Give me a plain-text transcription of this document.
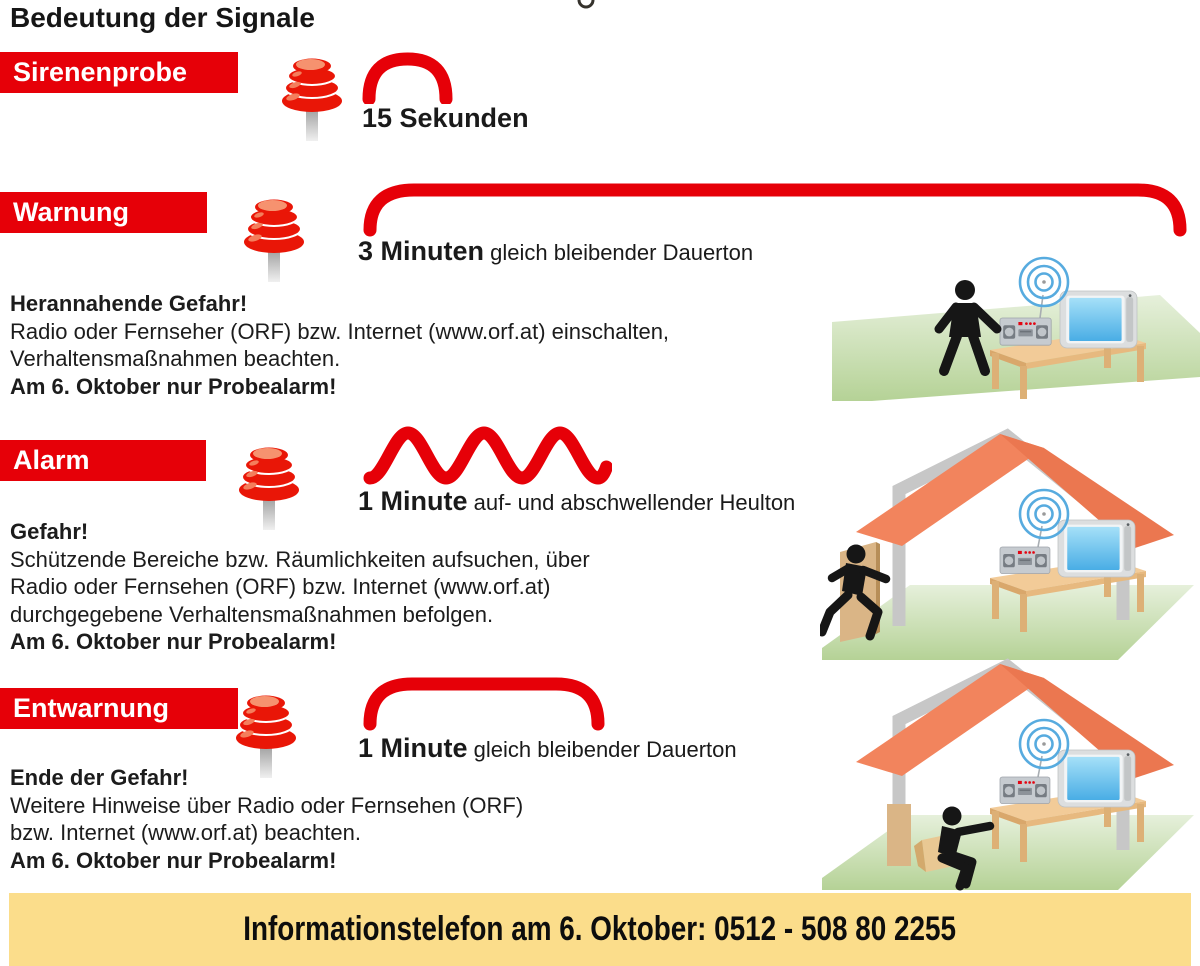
Bedeutung der Signale
Sirenenprobe
15 Sekunden
Warnung
3 Minuten gleich bleibender Dauerton
Herannahende Gefahr!
Radio oder Fernseher (ORF) bzw. Internet (www.orf.at) einschalten,
Verhaltensmaßnahmen beachten.
Am 6. Oktober nur Probealarm!
Alarm
1 Minute auf- und abschwellender Heulton
Gefahr!
Schützende Bereiche bzw. Räumlichkeiten aufsuchen, über
Radio oder Fernsehen (ORF) bzw. Internet (www.orf.at)
durchgegebene Verhaltensmaßnahmen befolgen.
Am 6. Oktober nur Probealarm!
Entwarnung
1 Minute gleich bleibender Dauerton
Ende der Gefahr!
Weitere Hinweise über Radio oder Fernsehen (ORF)
bzw. Internet (www.orf.at) beachten.
Am 6. Oktober nur Probealarm!
Informationstelefon am 6. Oktober: 0512 - 508 80 2255
